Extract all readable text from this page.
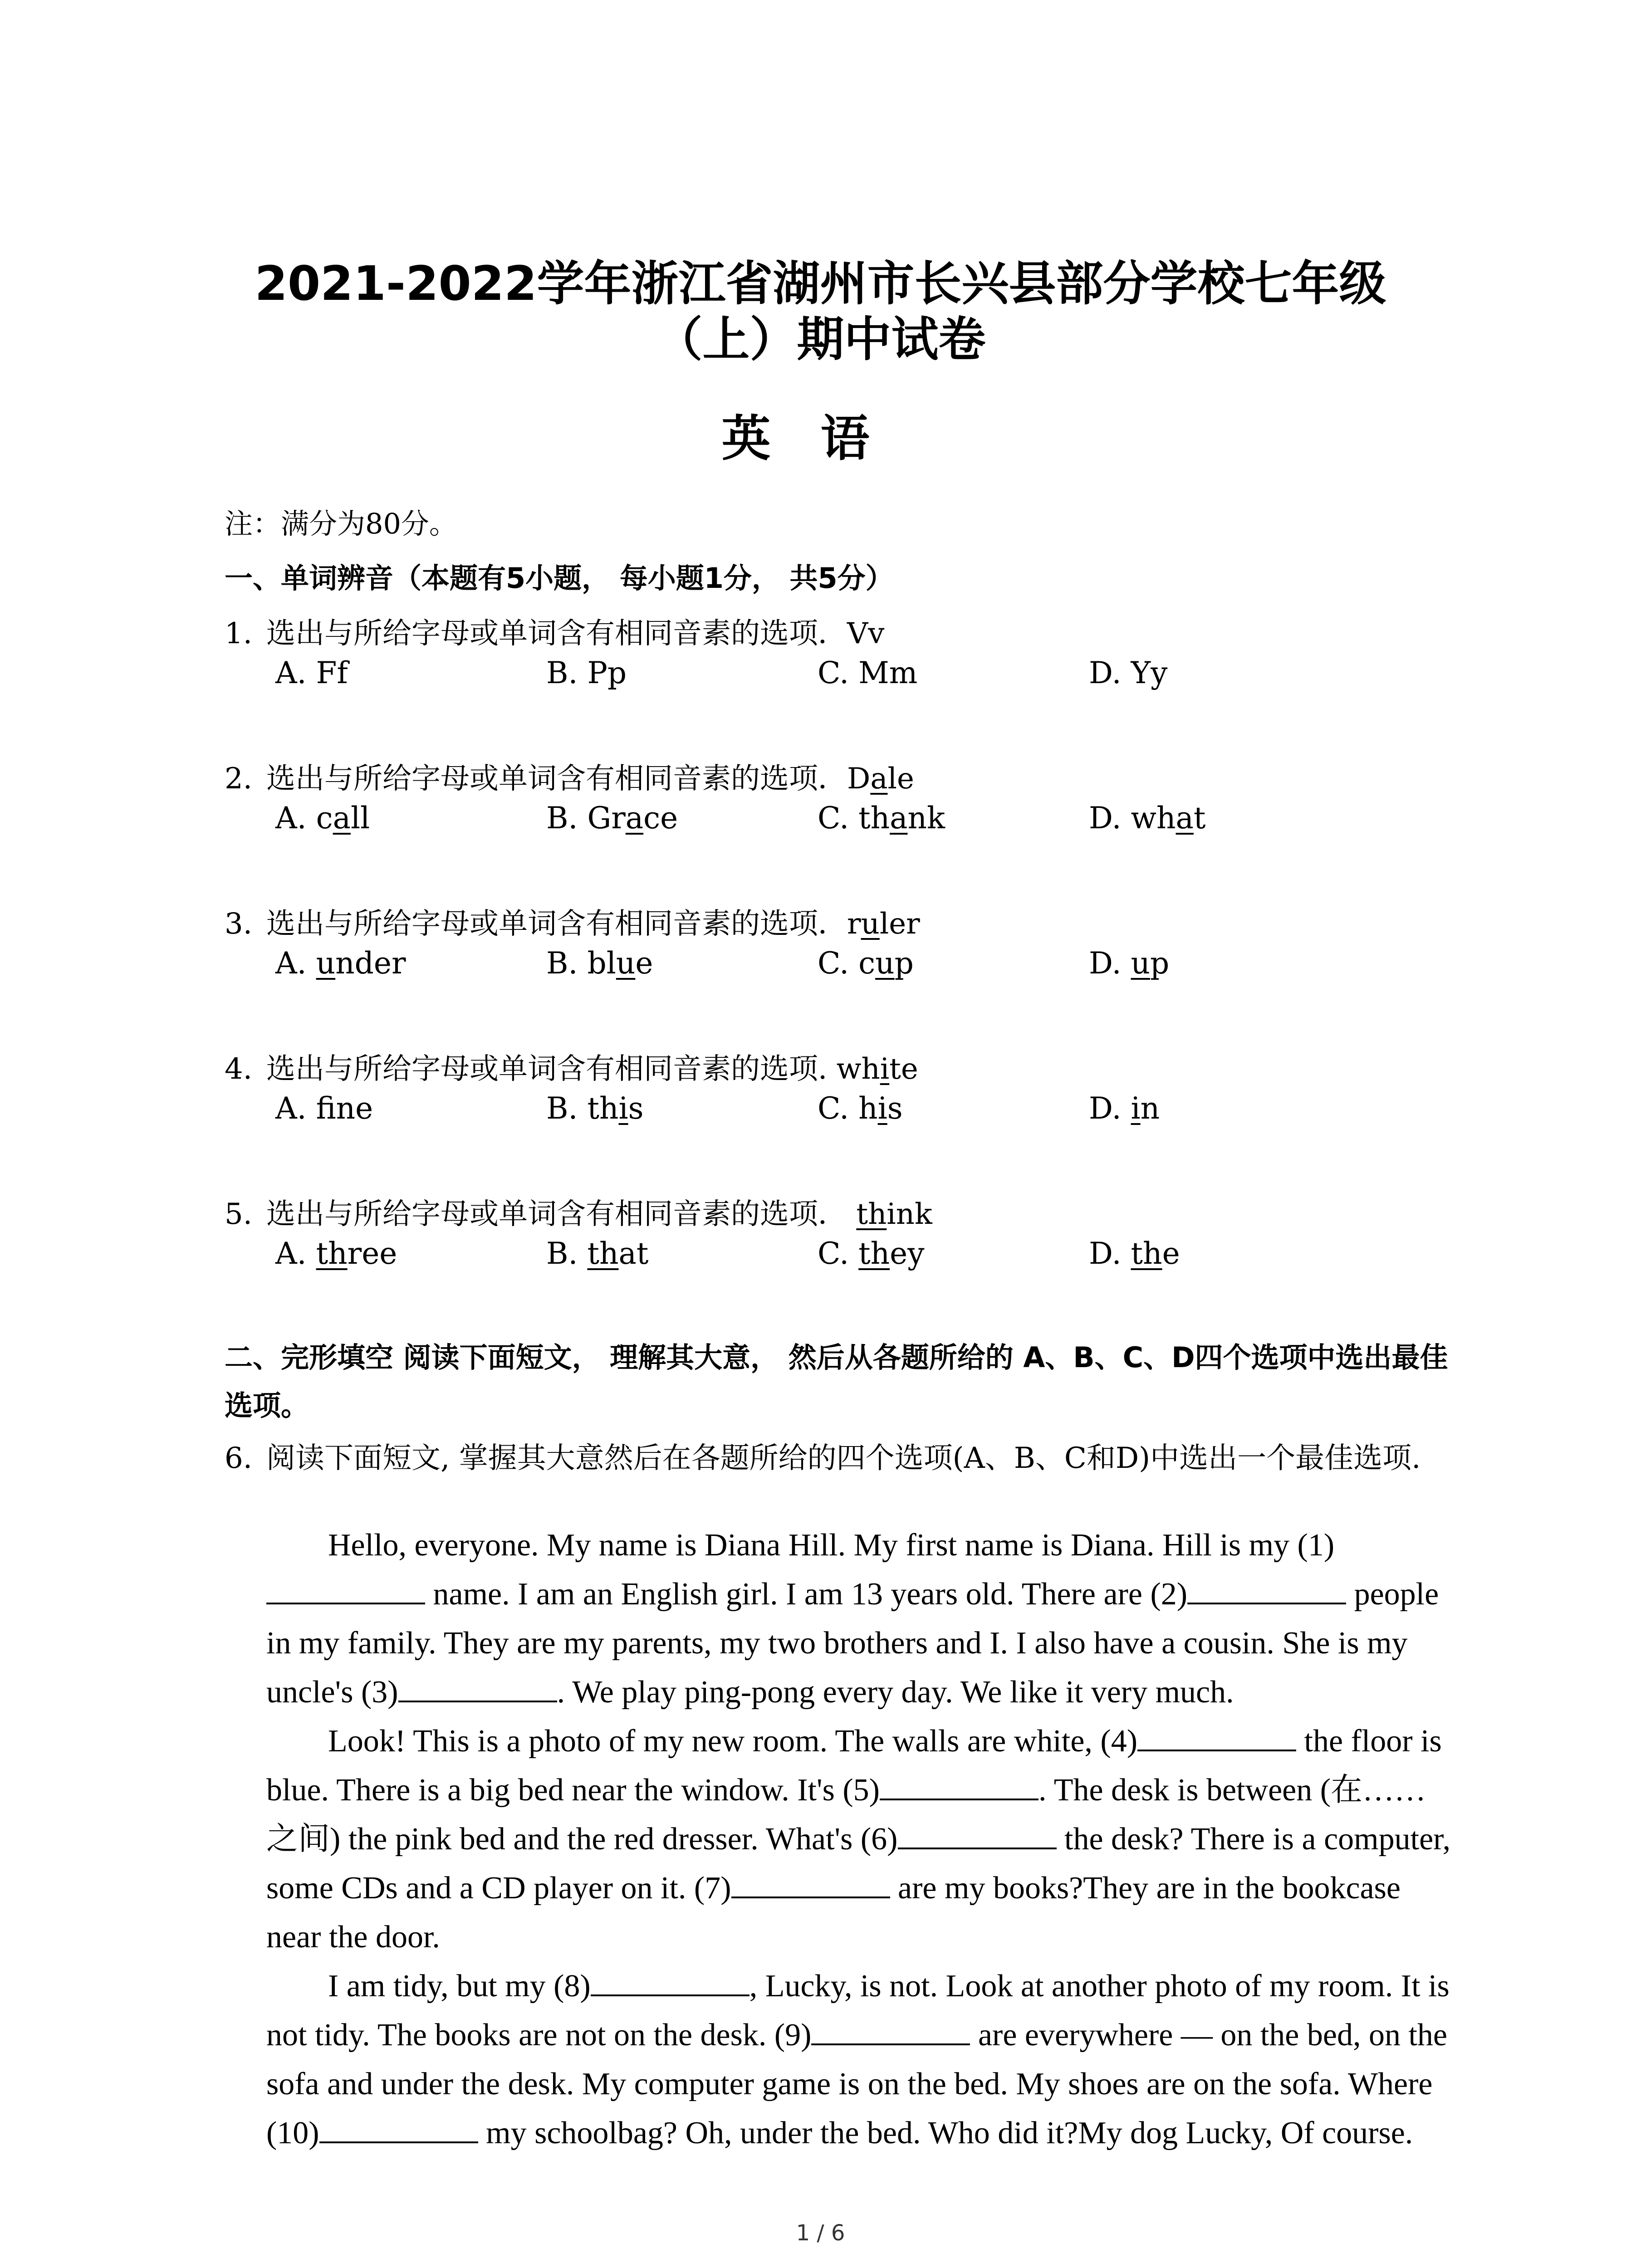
2021-2022学年浙江省湖州市长兴县部分学校七年级
（上）期中试卷
英语
注：满分为80分。
一、单词辨音（本题有5小题， 每小题1分， 共5分）
1. 选出与所给字母或单词含有相同音素的选项．Vv
A. Ff	B. Pp	C. Mm	D. Yy
2. 选出与所给字母或单词含有相同音素的选项．Dale
A. call	B. Grace	C. thank	D. what
3. 选出与所给字母或单词含有相同音素的选项．ruler
A. under	B. blue	C. cup	D. up
4. 选出与所给字母或单词含有相同音素的选项. white
A. fne	B. this	C. his	D. in
5. 选出与所给字母或单词含有相同音素的选项． think
A. three	B. that	C. they	D. the
二、完形填空 阅读下面短文， 理解其大意， 然后从各题所给的 A、B、C、D四个选项中选出最佳选项。
6. 阅读下面短文, 掌握其大意然后在各题所给的四个选项(A、B、C和D)中选出一个最佳选项.

Hello, everyone. My name is Diana Hill. My first name is Diana. Hill is my (1) name. I am an English girl. I am 13 years old. There are (2)	people in my family. They are my parents, my two brothers and I. I also have a cousin. She is my uncle's (3)	. We play ping-pong every day. We like it very much.

Look! This is a photo of my new room. The walls are white, (4)	the floor is blue. There is a big bed near the window. It's (5)	. The desk is between (在……之间) the pink bed and the red dresser. What's (6)	the desk? There is a computer, some CDs and a CD player on it. (7)	are my books?They are in the bookcase near the door.

I am tidy, but my (8)	, Lucky, is not. Look at another photo of my room. It is not tidy. The books are not on the desk. (9)	are everywhere — on the bed, on the sofa and under the desk. My computer game is on the bed. My shoes are on the sofa. Where (10)	my schoolbag? Oh, under the bed. Who did it?My dog Lucky, Of course.

1 / 6
